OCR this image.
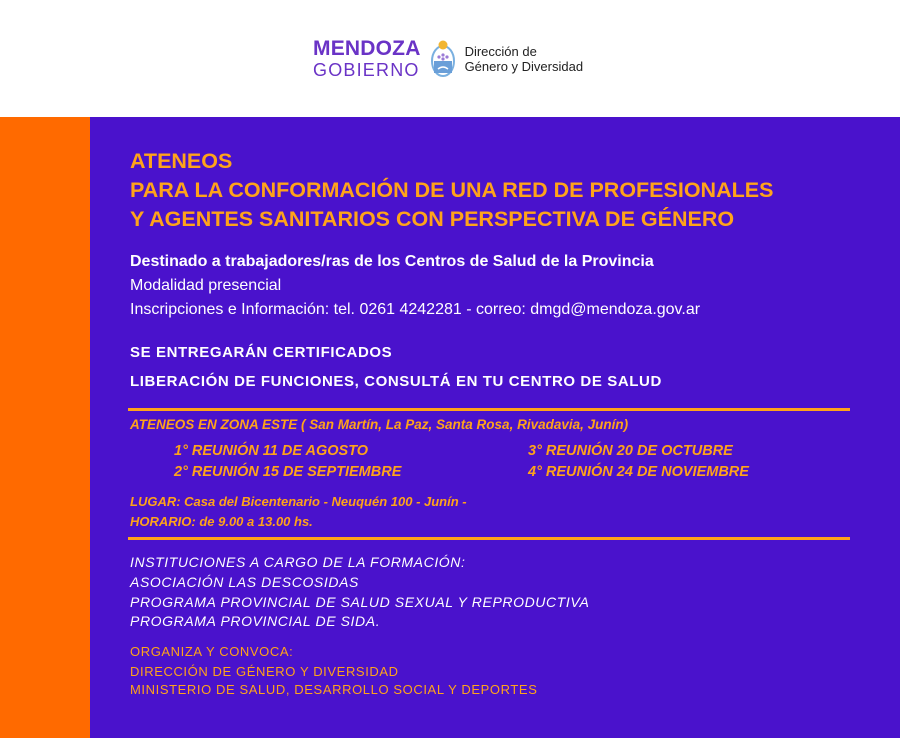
MENDOZA
GOBIERNO
Dirección de
Género y Diversidad
ATENEOS
PARA LA CONFORMACIÓN DE UNA RED DE PROFESIONALES
Y AGENTES SANITARIOS CON PERSPECTIVA DE GÉNERO

Destinado a trabajadores/ras de los Centros de Salud de la Provincia

Modalidad presencial

Inscripciones e Información: tel. 0261 4242281 - correo: dmgd@mendoza.gov.ar

SE ENTREGARÁN CERTIFICADOS

LIBERACIÓN DE FUNCIONES, CONSULTÁ EN TU CENTRO DE SALUD

ATENEOS EN ZONA ESTE ( San Martín, La Paz, Santa Rosa, Rivadavia, Junín)

1° REUNIÓN 11 DE AGOSTO

2° REUNIÓN 15 DE SEPTIEMBRE

3° REUNIÓN 20 DE OCTUBRE

4° REUNIÓN 24 DE NOVIEMBRE

LUGAR: Casa del Bicentenario - Neuquén 100 - Junín -

HORARIO: de 9.00 a 13.00 hs.

INSTITUCIONES A CARGO DE LA FORMACIÓN:

ASOCIACIÓN LAS DESCOSIDAS

PROGRAMA PROVINCIAL DE SALUD SEXUAL Y REPRODUCTIVA

PROGRAMA PROVINCIAL DE SIDA.

ORGANIZA Y CONVOCA:

DIRECCIÓN DE GÉNERO Y DIVERSIDAD

MINISTERIO DE SALUD, DESARROLLO SOCIAL Y DEPORTES
